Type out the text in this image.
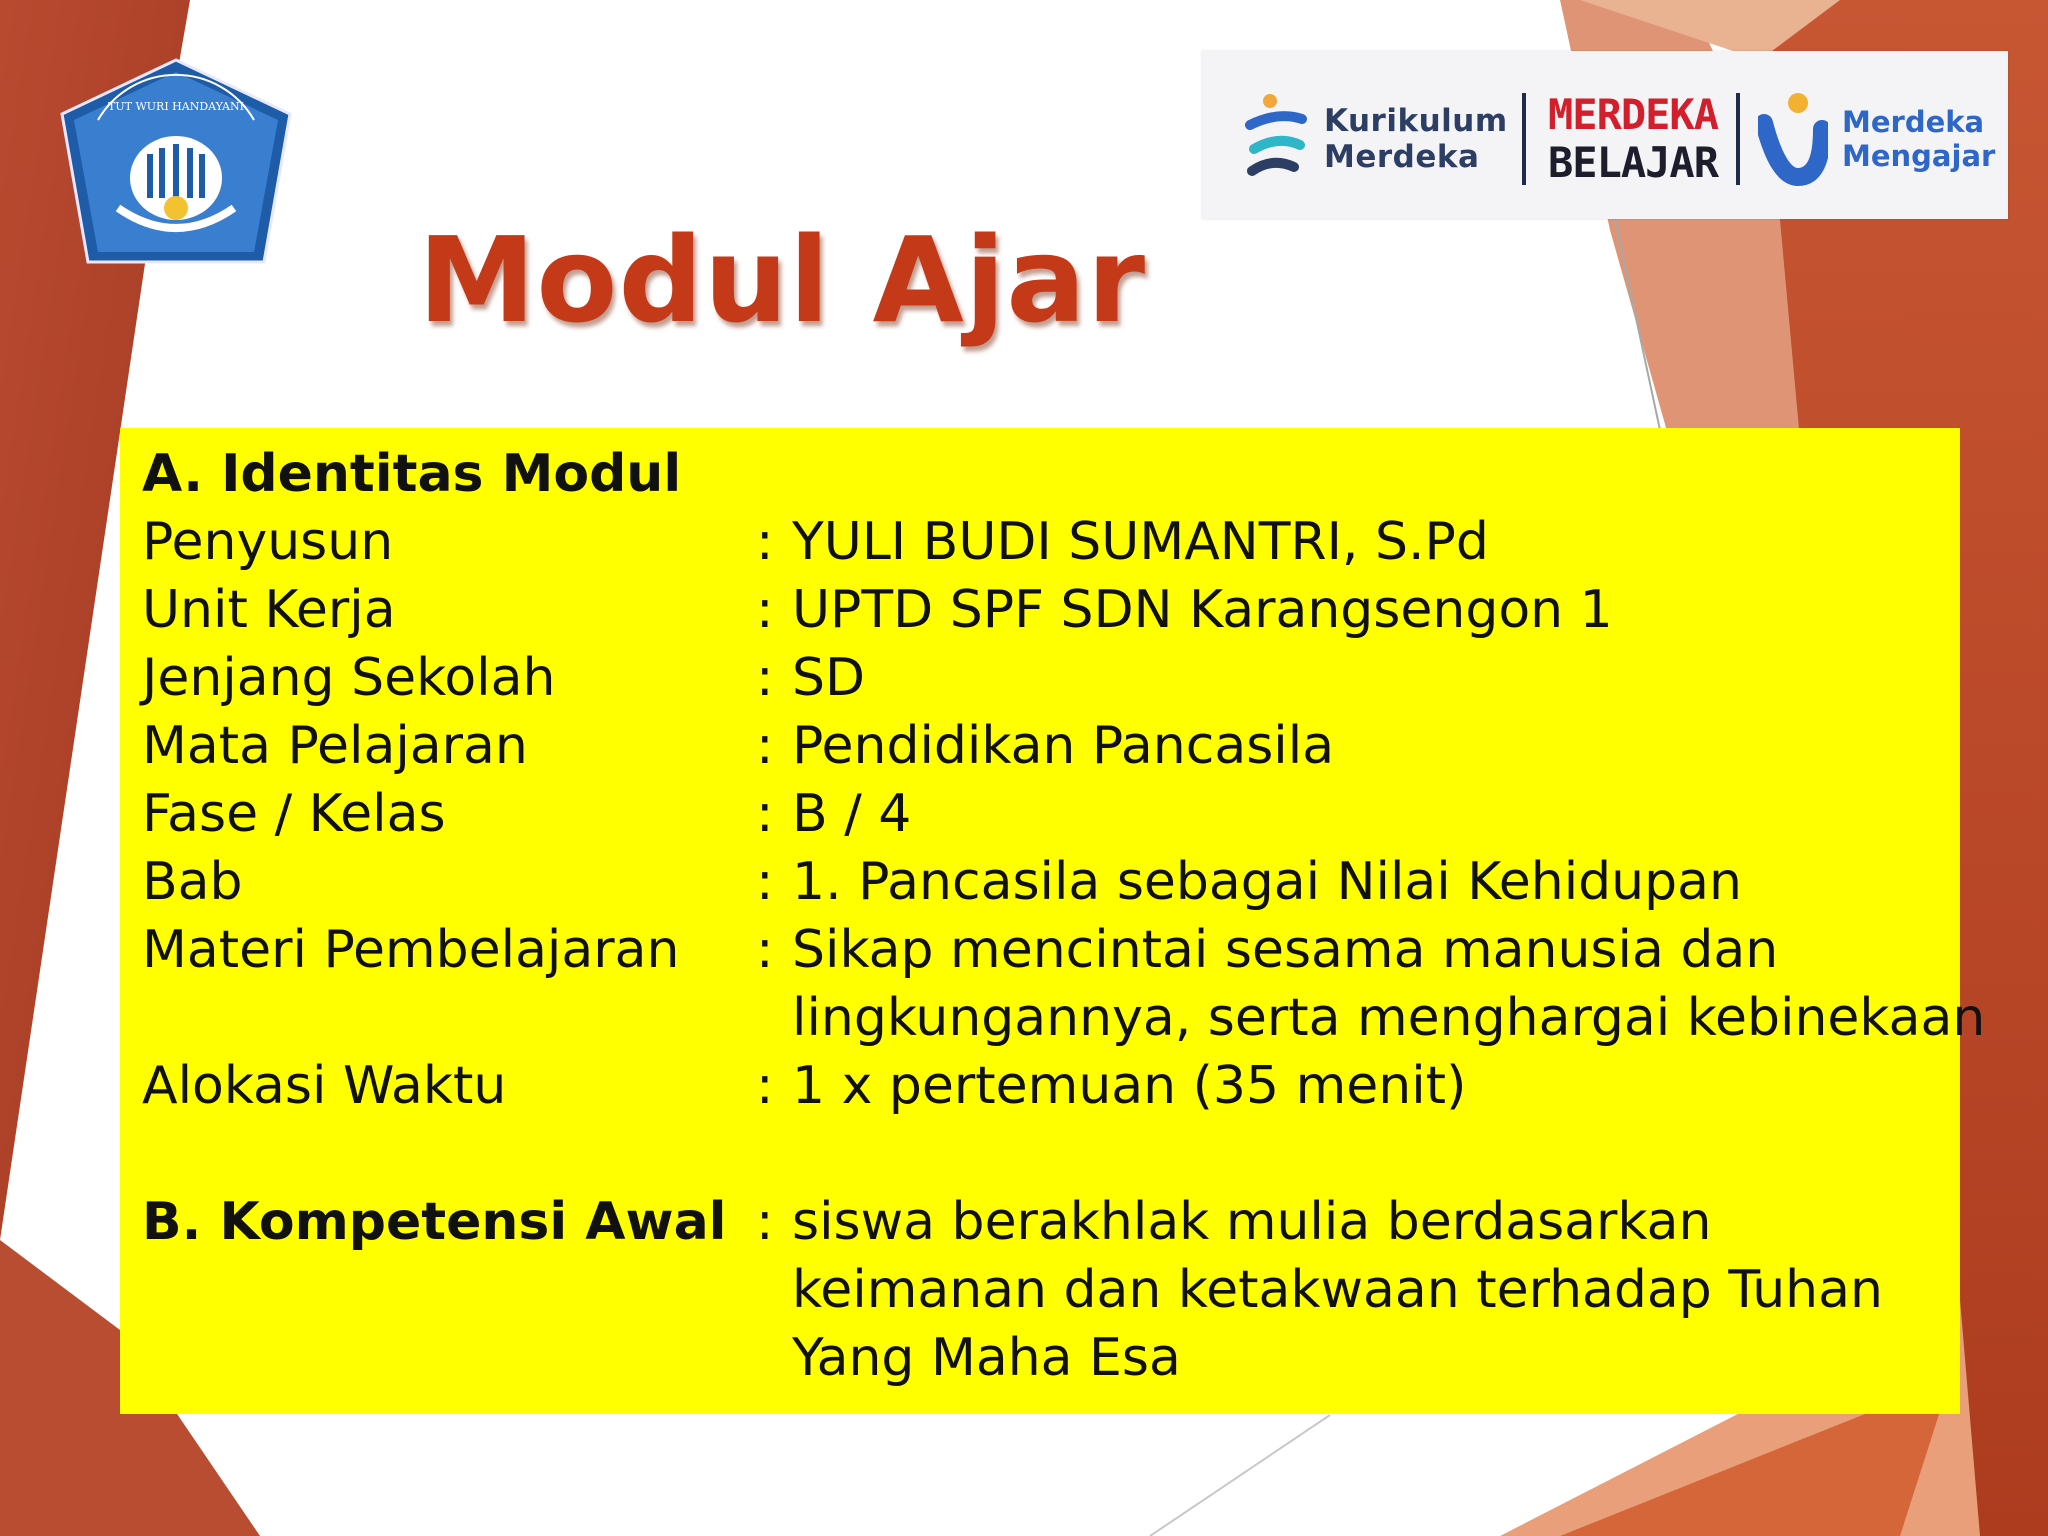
TUT WURI HANDAYANI	Kurikulum
Merdeka
MERDEKA
BELAJAR
Merdeka
Mengajar
Modul Ajar
A. Identitas Modul
Penyusun	: YULI BUDI SUMANTRI, S.Pd
Unit Kerja	: UPTD SPF SDN Karangsengon 1
Jenjang Sekolah	: SD
Mata Pelajaran	: Pendidikan Pancasila
Fase / Kelas	: B / 4
Bab	: 1. Pancasila sebagai Nilai Kehidupan
Materi Pembelajaran : Sikap mencintai sesama manusia dan
lingkungannya, serta menghargai kebinekaan
Alokasi Waktu	: 1 x pertemuan (35 menit)
B. Kompetensi Awal : siswa berakhlak mulia berdasarkan
keimanan dan ketakwaan terhadap Tuhan
Yang Maha Esa
